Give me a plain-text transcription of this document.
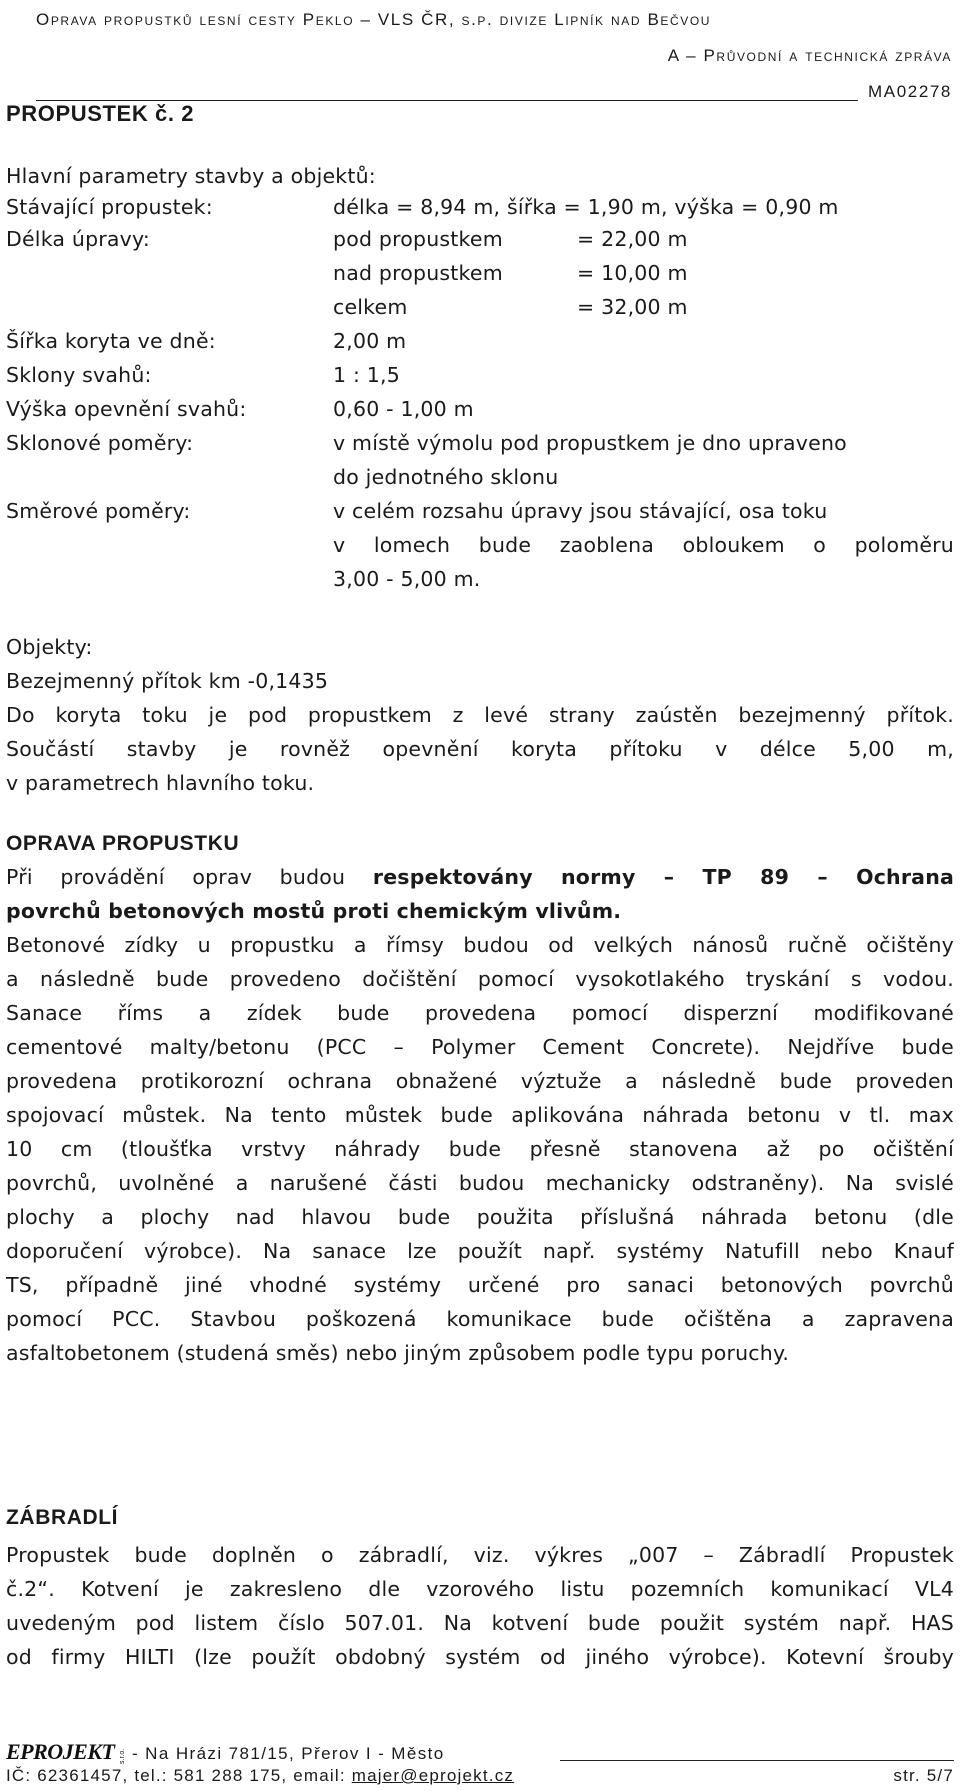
Oprava propustků lesní cesty Peklo – VLS ČR, s.p. divize Lipník nad Bečvou
A – Průvodní a technická zpráva
MA02278
PROPUSTEK č. 2
Hlavní parametry stavby a objektů:
Stávající propustek:	délka = 8,94 m, šířka = 1,90 m, výška = 0,90 m
Délka úpravy:	pod propustkem	= 22,00 m
nad propustkem	= 10,00 m
celkem	= 32,00 m
Šířka koryta ve dně:	2,00 m
Sklony svahů:	1 : 1,5
Výška opevnění svahů:	0,60 - 1,00 m
Sklonové poměry:	v místě výmolu pod propustkem je dno upraveno
do jednotného sklonu
Směrové poměry:	v celém rozsahu úpravy jsou stávající, osa toku
v lomech bude zaoblena obloukem o poloměru
3,00 - 5,00 m.
Objekty:
Bezejmenný přítok km -0,1435
Do koryta toku je pod propustkem z levé strany zaústěn bezejmenný přítok.
Součástí stavby je rovněž opevnění koryta přítoku v délce 5,00 m,
v parametrech hlavního toku.
OPRAVA PROPUSTKU
Při provádění oprav budou respektovány normy – TP 89 – Ochrana
povrchů betonových mostů proti chemickým vlivům.
Betonové zídky u propustku a římsy budou od velkých nánosů ručně očištěny
a následně bude provedeno dočištění pomocí vysokotlakého tryskání s vodou.
Sanace říms a zídek bude provedena pomocí disperzní modifikované
cementové malty/betonu (PCC – Polymer Cement Concrete). Nejdříve bude
provedena protikorozní ochrana obnažené výztuže a následně bude proveden
spojovací můstek. Na tento můstek bude aplikována náhrada betonu v tl. max
10 cm (tloušťka vrstvy náhrady bude přesně stanovena až po očištění
povrchů, uvolněné a narušené části budou mechanicky odstraněny). Na svislé
plochy a plochy nad hlavou bude použita příslušná náhrada betonu (dle
doporučení výrobce). Na sanace lze použít např. systémy Natufill nebo Knauf
TS, případně jiné vhodné systémy určené pro sanaci betonových povrchů
pomocí PCC. Stavbou poškozená komunikace bude očištěna a zapravena
asfaltobetonem (studená směs) nebo jiným způsobem podle typu poruchy.
ZÁBRADLÍ
Propustek bude doplněn o zábradlí, viz. výkres „007 – Zábradlí Propustek
č.2“. Kotvení je zakresleno dle vzorového listu pozemních komunikací VL4
uvedeným pod listem číslo 507.01. Na kotvení bude použit systém např. HAS
od firmy HILTI (lze použít obdobný systém od jiného výrobce). Kotevní šrouby
EPROJEKT s.r.o. - Na Hrázi 781/15, Přerov I - Město
IČ: 62361457, tel.: 581 288 175, email: majer@eprojekt.cz	str. 5/7
